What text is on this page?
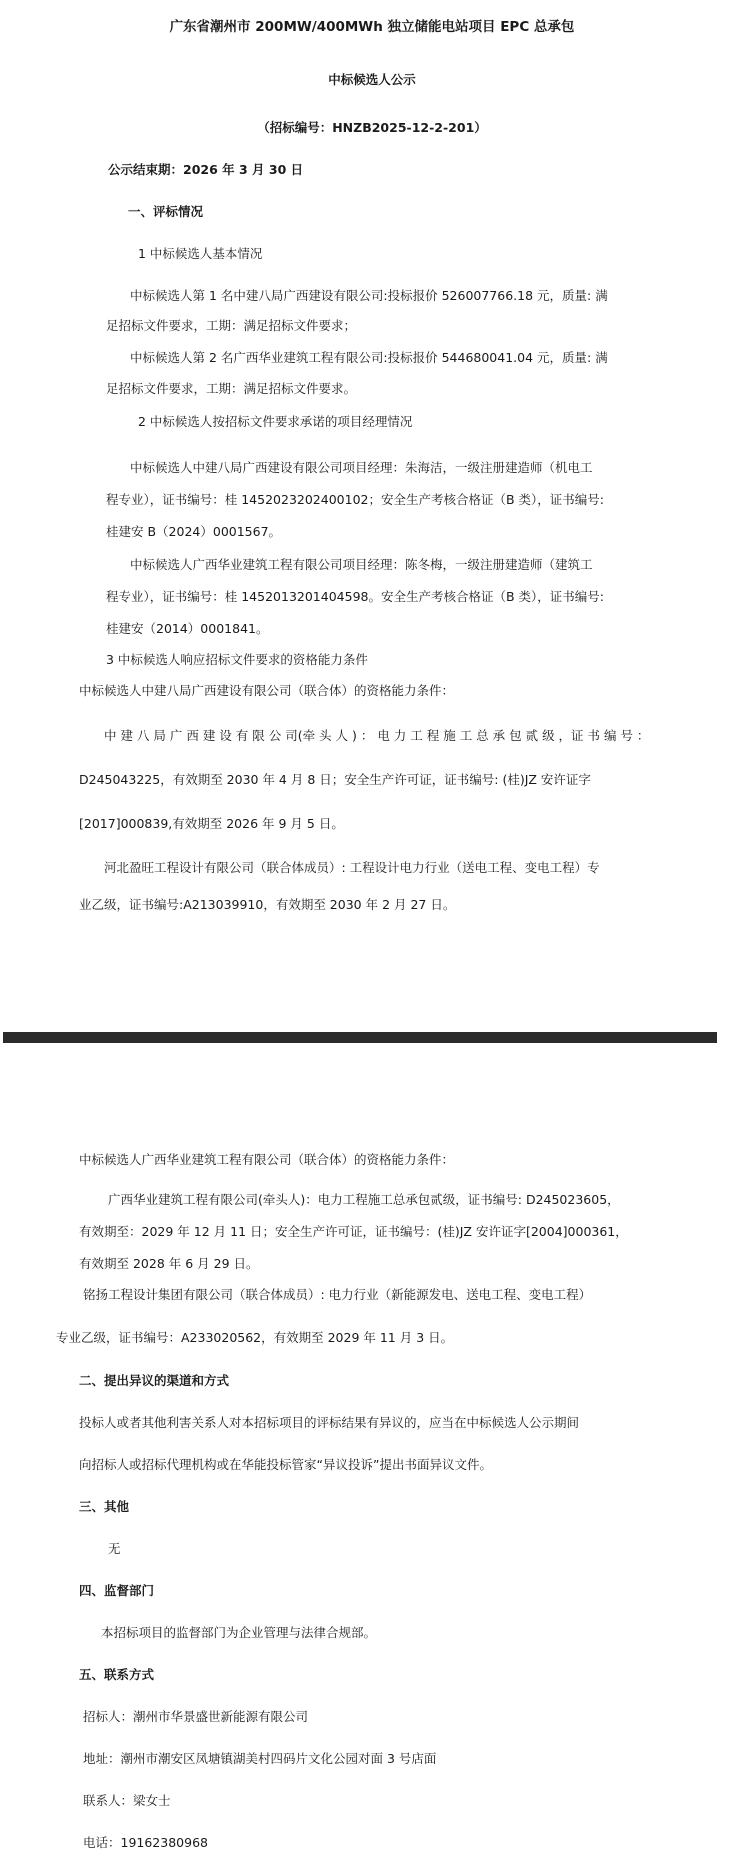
广东省潮州市 200MW/400MWh 独立储能电站项目 EPC 总承包
中标候选人公示
（招标编号：HNZB2025-12-2-201）
公示结束期：2026 年 3 月 30 日
一、评标情况
1 中标候选人基本情况
中标候选人第 1 名中建八局广西建设有限公司:投标报价 526007766.18 元，质量: 满
足招标文件要求，工期：满足招标文件要求；
中标候选人第 2 名广西华业建筑工程有限公司:投标报价 544680041.04 元，质量: 满
足招标文件要求，工期：满足招标文件要求。
2 中标候选人按招标文件要求承诺的项目经理情况
中标候选人中建八局广西建设有限公司项目经理：朱海洁，一级注册建造师（机电工
程专业），证书编号：桂 1452023202400102；安全生产考核合格证（B 类），证书编号:
桂建安 B（2024）0001567。
中标候选人广西华业建筑工程有限公司项目经理：陈冬梅，一级注册建造师（建筑工
程专业），证书编号：桂 1452013201404598。安全生产考核合格证（B 类），证书编号:
桂建安（2014）0001841。
3 中标候选人响应招标文件要求的资格能力条件
中标候选人中建八局广西建设有限公司（联合体）的资格能力条件：
中 建 八 局 广 西 建 设 有 限 公 司(牵 头 人 ) ： 电 力 工 程 施 工 总 承 包 贰 级 ，证 书 编 号 ：
D245043225，有效期至 2030 年 4 月 8 日；安全生产许可证，证书编号: (桂)JZ 安许证字
[2017]000839,有效期至 2026 年 9 月 5 日。
河北盈旺工程设计有限公司（联合体成员）: 工程设计电力行业（送电工程、变电工程）专
业乙级，证书编号:A213039910，有效期至 2030 年 2 月 27 日。
中标候选人广西华业建筑工程有限公司（联合体）的资格能力条件：
广西华业建筑工程有限公司(牵头人)：电力工程施工总承包贰级，证书编号: D245023605，
有效期至：2029 年 12 月 11 日；安全生产许可证，证书编号：(桂)JZ 安许证字[2004]000361，
有效期至 2028 年 6 月 29 日。
铭扬工程设计集团有限公司（联合体成员）: 电力行业（新能源发电、送电工程、变电工程）
专业乙级，证书编号：A233020562，有效期至 2029 年 11 月 3 日。
二、提出异议的渠道和方式
投标人或者其他利害关系人对本招标项目的评标结果有异议的，应当在中标候选人公示期间
向招标人或招标代理机构或在华能投标管家“异议投诉”提出书面异议文件。
三、其他
无
四、监督部门
本招标项目的监督部门为企业管理与法律合规部。
五、联系方式
招标人：潮州市华景盛世新能源有限公司
地址：潮州市潮安区凤塘镇湖美村四码片文化公园对面 3 号店面
联系人：梁女士
电话：19162380968
